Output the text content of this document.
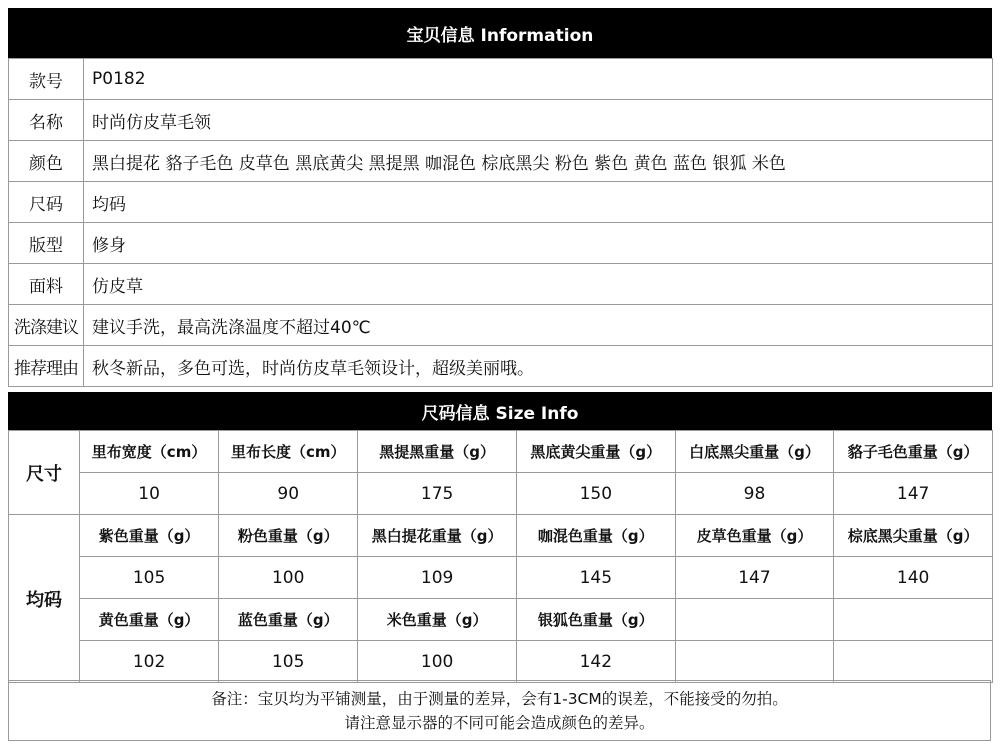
宝贝信息 Information
款号	P0182
名称	时尚仿皮草毛领
颜色	黑白提花 貉子毛色 皮草色 黑底黄尖 黑提黑 咖混色 棕底黑尖 粉色 紫色 黄色 蓝色 银狐 米色
尺码	均码
版型	修身
面料	仿皮草
洗涤建议	建议手洗，最高洗涤温度不超过40℃
推荐理由	秋冬新品，多色可选，时尚仿皮草毛领设计，超级美丽哦。
尺码信息 Size Info
尺寸	里布宽度（cm）	里布长度（cm）	黑提黑重量（g）	黑底黄尖重量（g）	白底黑尖重量（g）	貉子毛色重量（g）
	10	90	175	150	98	147
均码	紫色重量（g）	粉色重量（g）	黑白提花重量（g）	咖混色重量（g）	皮草色重量（g）	棕底黑尖重量（g）
	105	100	109	145	147	140
	黄色重量（g）	蓝色重量（g）	米色重量（g）	银狐色重量（g）		
	102	105	100	142		
备注：宝贝均为平铺测量，由于测量的差异，会有1-3CM的误差，不能接受的勿拍。
请注意显示器的不同可能会造成颜色的差异。
